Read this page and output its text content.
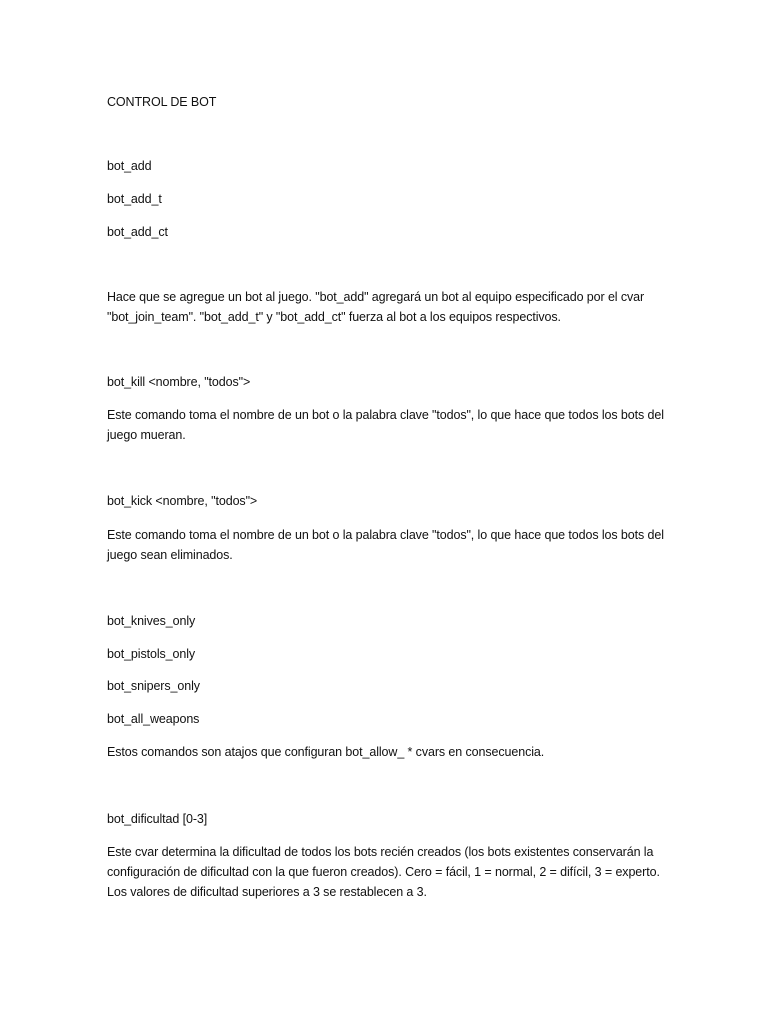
CONTROL DE BOT
bot_add
bot_add_t
bot_add_ct
Hace que se agregue un bot al juego. "bot_add" agregará un bot al equipo especificado por el cvar "bot_join_team". "bot_add_t" y "bot_add_ct" fuerza al bot a los equipos respectivos.
bot_kill <nombre, "todos">
Este comando toma el nombre de un bot o la palabra clave "todos", lo que hace que todos los bots del juego mueran.
bot_kick <nombre, "todos">
Este comando toma el nombre de un bot o la palabra clave "todos", lo que hace que todos los bots del juego sean eliminados.
bot_knives_only
bot_pistols_only
bot_snipers_only
bot_all_weapons
Estos comandos son atajos que configuran bot_allow_ * cvars en consecuencia.
bot_dificultad [0-3]
Este cvar determina la dificultad de todos los bots recién creados (los bots existentes conservarán la configuración de dificultad con la que fueron creados). Cero = fácil, 1 = normal, 2 = difícil, 3 = experto. Los valores de dificultad superiores a 3 se restablecen a 3.
